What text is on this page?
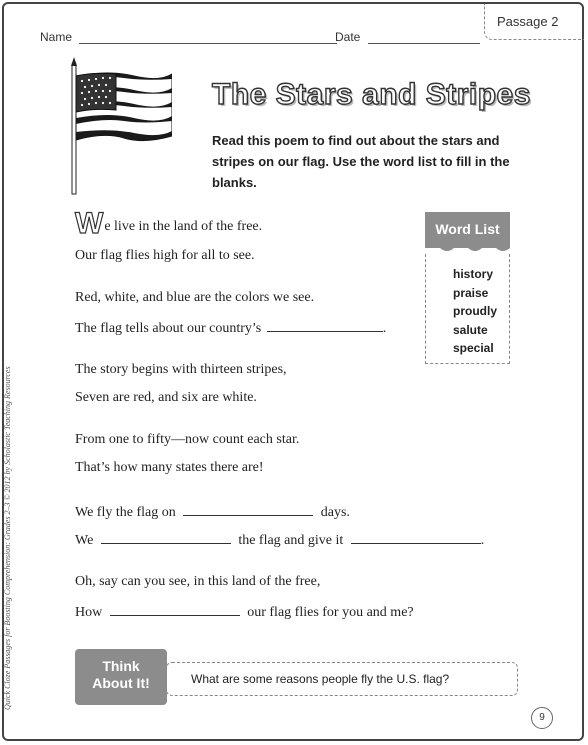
Passage 2
Name	Date
The Stars and Stripes
Read this poem to find out about the stars and stripes on our flag. Use the word list to fill in the blanks.
We live in the land of the free.
Our flag flies high for all to see.
Red, white, and blue are the colors we see.
The flag tells about our country’s	.
The story begins with thirteen stripes,
Seven are red, and six are white.
From one to fifty—now count each star.
That’s how many states there are!
We fly the flag on	days.
We	the flag and give it	.
Oh, say can you see, in this land of the free,
How	our flag flies for you and me?
Word List
history
praise
proudly
salute
special
Think
About It!	What are some reasons people fly the U.S. flag?
Quick Cloze Passages for Boosting Comprehension: Grades 2–3 © 2012 by Scholastic Teaching Resources
9
